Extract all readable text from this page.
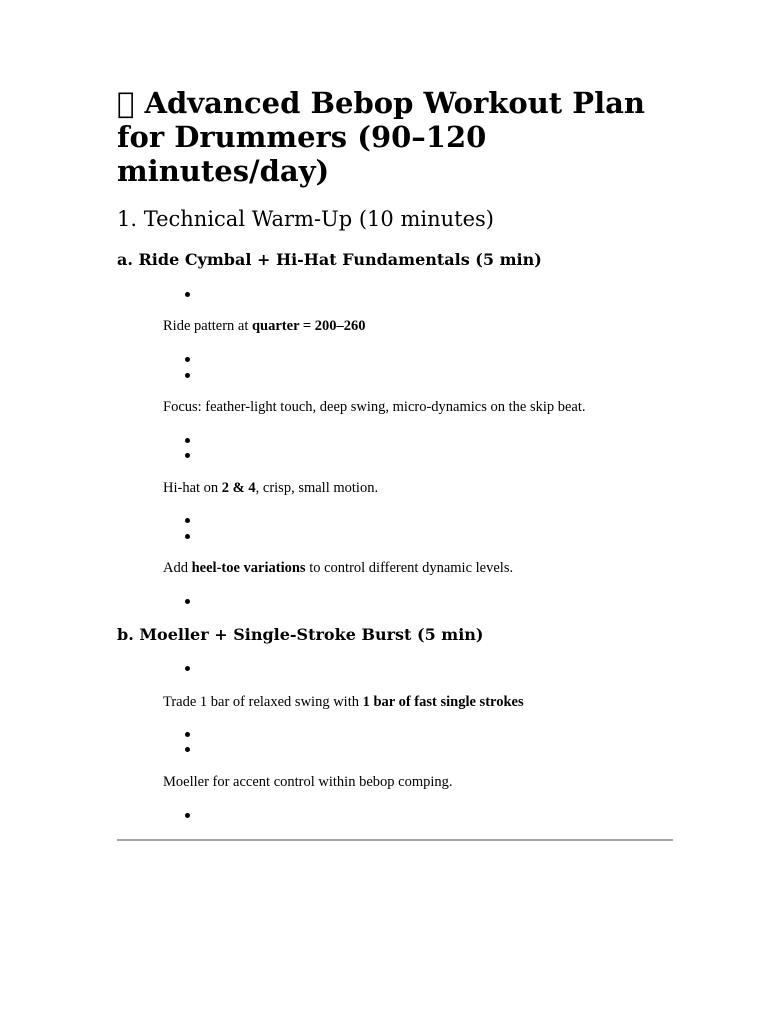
  Advanced Bebop Workout Plan for Drummers (90–120 minutes/day)
1. Technical Warm-Up (10 minutes)
a. Ride Cymbal + Hi-Hat Fundamentals (5 min)

Ride pattern at quarter = 200–260

Focus: feather-light touch, deep swing, micro-dynamics on the skip beat.

Hi-hat on 2 & 4, crisp, small motion.

Add heel-toe variations to control different dynamic levels.

b. Moeller + Single-Stroke Burst (5 min)

Trade 1 bar of relaxed swing with 1 bar of fast single strokes

Moeller for accent control within bebop comping.
